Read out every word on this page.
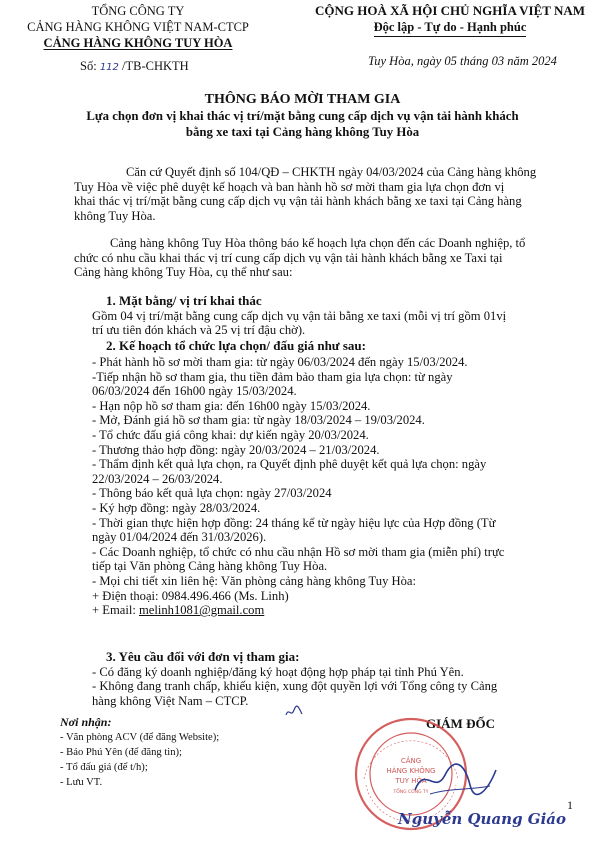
TỔNG CÔNG TY
CẢNG HÀNG KHÔNG VIỆT NAM-CTCP
CẢNG HÀNG KHÔNG TUY HÒA
Số: 112 /TB-CHKTH
CỘNG HOÀ XÃ HỘI CHỦ NGHĨA VIỆT NAM
Độc lập - Tự do - Hạnh phúc
Tuy Hòa, ngày 05 tháng 03 năm 2024
THÔNG BÁO MỜI THAM GIA
Lựa chọn đơn vị khai thác vị trí/mặt bằng cung cấp dịch vụ vận tải hành khách
bằng xe taxi tại Cảng hàng không Tuy Hòa
Căn cứ Quyết định số 104/QĐ – CHKTH ngày 04/03/2024 của Cảng hàng không
Tuy Hòa về việc phê duyệt kế hoạch và ban hành hồ sơ mời tham gia lựa chọn đơn vị
khai thác vị trí/mặt bằng cung cấp dịch vụ vận tải hành khách bằng xe taxi tại Cảng hàng
không Tuy Hòa.
Cảng hàng không Tuy Hòa thông báo kế hoạch lựa chọn đến các Doanh nghiệp, tổ
chức có nhu cầu khai thác vị trí cung cấp dịch vụ vận tải hành khách bằng xe Taxi tại
Cảng hàng không Tuy Hòa, cụ thể như sau:
1. Mặt bằng/ vị trí khai thác
Gồm 04 vị trí/mặt bằng cung cấp dịch vụ vận tải bằng xe taxi (mỗi vị trí gồm 01vị
trí ưu tiên đón khách và 25 vị trí đậu chờ).
2. Kế hoạch tổ chức lựa chọn/ đấu giá như sau:
- Phát hành hồ sơ mời tham gia: từ ngày 06/03/2024 đến ngày 15/03/2024.
-Tiếp nhận hồ sơ tham gia, thu tiền đảm bảo tham gia lựa chọn: từ ngày
06/03/2024 đến 16h00 ngày 15/03/2024.
- Hạn nộp hồ sơ tham gia: đến 16h00 ngày 15/03/2024.
- Mở, Đánh giá hồ sơ tham gia: từ ngày 18/03/2024 – 19/03/2024.
- Tổ chức đấu giá công khai: dự kiến ngày 20/03/2024.
- Thương thảo hợp đồng: ngày 20/03/2024 – 21/03/2024.
- Thẩm định kết quả lựa chọn, ra Quyết định phê duyệt kết quả lựa chọn: ngày
22/03/2024 – 26/03/2024.
- Thông báo kết quả lựa chọn: ngày 27/03/2024
- Ký hợp đồng: ngày 28/03/2024.
- Thời gian thực hiện hợp đồng: 24 tháng kể từ ngày hiệu lực của Hợp đồng (Từ
ngày 01/04/2024 đến 31/03/2026).
- Các Doanh nghiệp, tổ chức có nhu cầu nhận Hồ sơ mời tham gia (miễn phí) trực
tiếp tại Văn phòng Cảng hàng không Tuy Hòa.
- Mọi chi tiết xin liên hệ: Văn phòng cảng hàng không Tuy Hòa:
+ Điện thoại: 0984.496.466 (Ms. Linh)
+ Email: melinh1081@gmail.com
3. Yêu cầu đối với đơn vị tham gia:
- Có đăng ký doanh nghiệp/đăng ký hoạt động hợp pháp tại tỉnh Phú Yên.
- Không đang tranh chấp, khiếu kiện, xung đột quyền lợi với Tổng công ty Cảng
hàng không Việt Nam – CTCP.
Nơi nhận:
- Văn phòng ACV (để đăng Website);
- Báo Phú Yên (để đăng tin);
- Tổ đấu giá (để t/h);
- Lưu VT.
GIÁM ĐỐC
CẢNG
HÀNG KHÔNG
TUY HÒA
TỔNG CÔNG TY
Nguyễn Quang Giáo
1
